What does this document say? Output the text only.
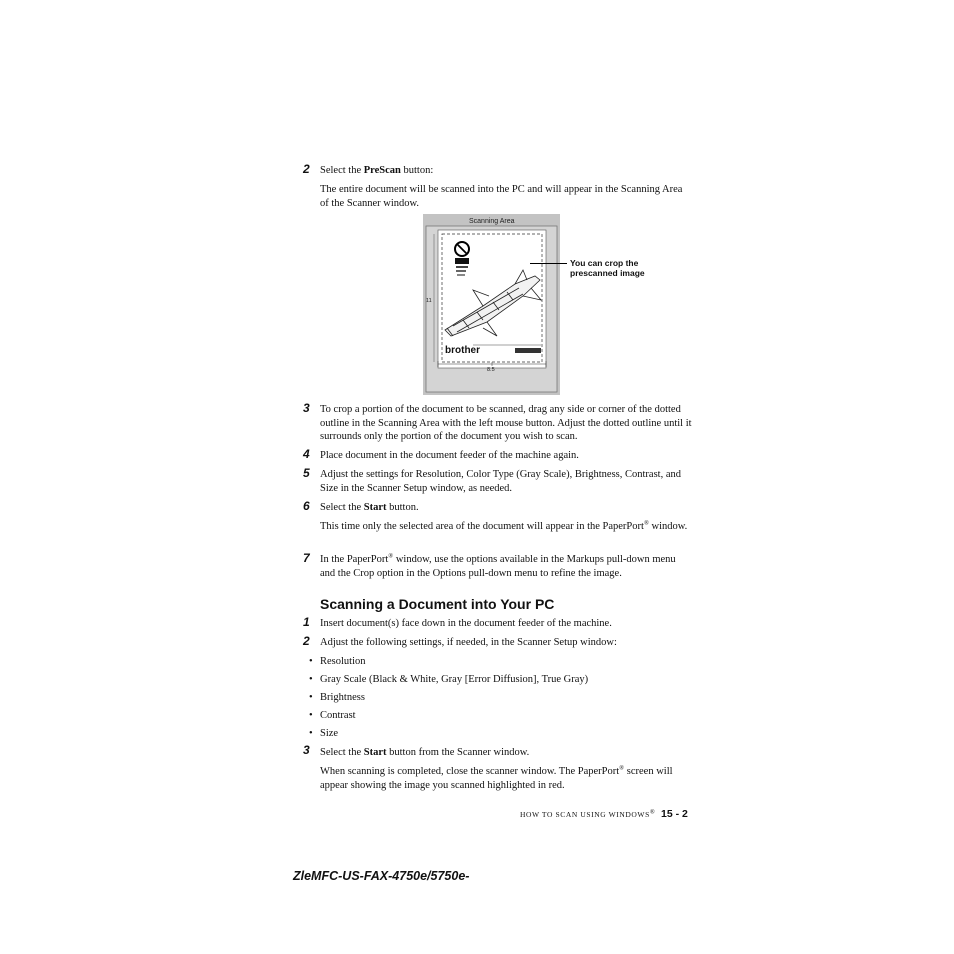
2 Select the PreScan button:
The entire document will be scanned into the PC and will appear in the Scanning Area of the Scanner window.
brother
Scanning Area
8.5
11
You can crop the prescanned image
3 To crop a portion of the document to be scanned, drag any side or corner of the dotted outline in the Scanning Area with the left mouse button. Adjust the dotted outline until it surrounds only the portion of the document you wish to scan.
4 Place document in the document feeder of the machine again.
5 Adjust the settings for Resolution, Color Type (Gray Scale), Brightness, Contrast, and Size in the Scanner Setup window, as needed.
6 Select the Start button.
This time only the selected area of the document will appear in the PaperPort® window.
7 In the PaperPort® window, use the options available in the Markups pull-down menu and the Crop option in the Options pull-down menu to refine the image.
Scanning a Document into Your PC
1 Insert document(s) face down in the document feeder of the machine.
2 Adjust the following settings, if needed, in the Scanner Setup window:
• Resolution
• Gray Scale (Black & White, Gray [Error Diffusion], True Gray)
• Brightness
• Contrast
• Size
3 Select the Start button from the Scanner window.
When scanning is completed, close the scanner window. The PaperPort® screen will appear showing the image you scanned highlighted in red.
HOW TO SCAN USING WINDOWS® 15 - 2
ZleMFC-US-FAX-4750e/5750e-
